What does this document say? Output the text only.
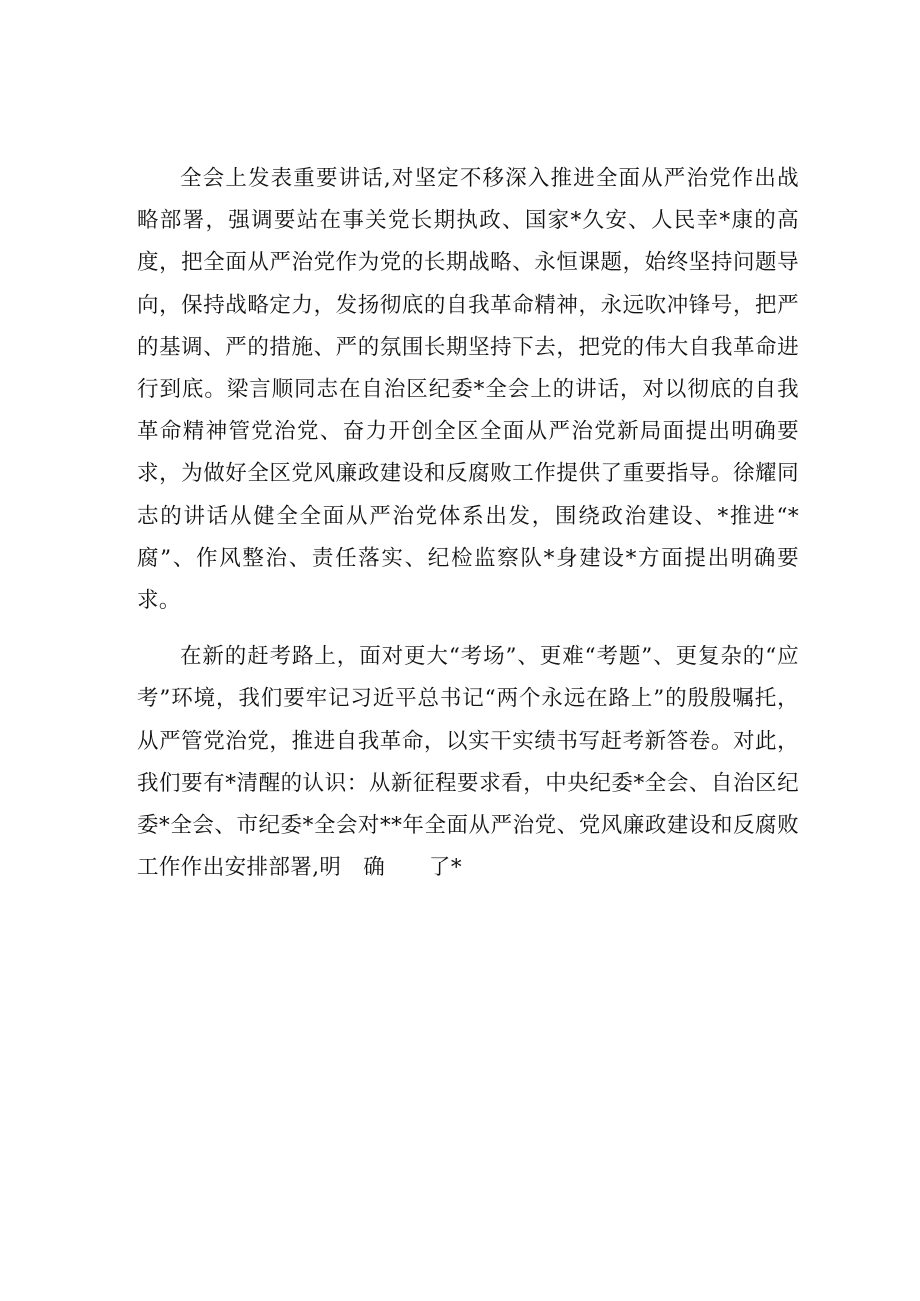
全会上发表重要讲话,对坚定不移深入推进全面从严治党作出战略部署，强调要站在事关党长期执政、国家*久安、人民幸*康的高度，把全面从严治党作为党的长期战略、永恒课题，始终坚持问题导向，保持战略定力，发扬彻底的自我革命精神，永远吹冲锋号，把严的基调、严的措施、严的氛围长期坚持下去，把党的伟大自我革命进行到底。梁言顺同志在自治区纪委*全会上的讲话，对以彻底的自我革命精神管党治党、奋力开创全区全面从严治党新局面提出明确要求，为做好全区党风廉政建设和反腐败工作提供了重要指导。徐耀同志的讲话从健全全面从严治党体系出发，围绕政治建设、*推进“*腐”、作风整治、责任落实、纪检监察队*身建设*方面提出明确要求。

在新的赶考路上，面对更大“考场”、更难“考题”、更复杂的“应考”环境，我们要牢记习近平总书记“两个永远在路上”的殷殷嘱托，从严管党治党，推进自我革命，以实干实绩书写赶考新答卷。对此，我们要有*清醒的认识：从新征程要求看，中央纪委*全会、自治区纪委*全会、市纪委*全会对**年全面从严治党、党风廉政建设和反腐败工作作出安排部署,明　确　　了*
